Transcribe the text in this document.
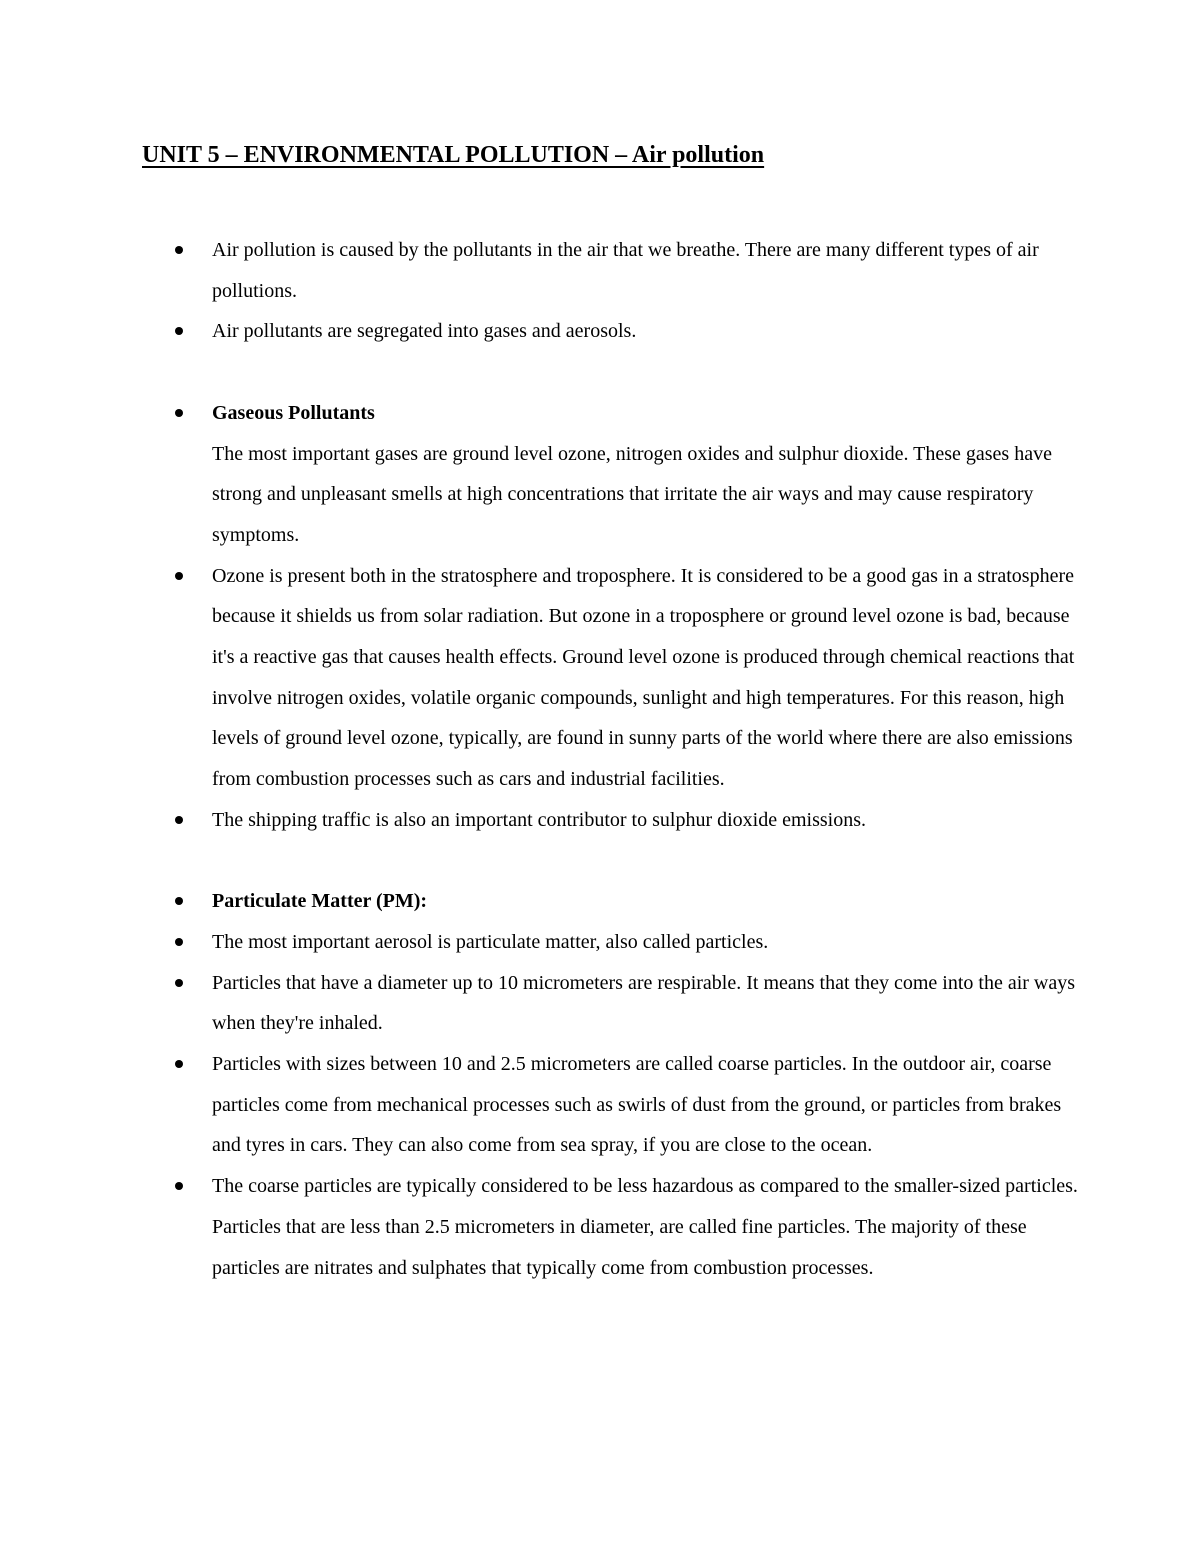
UNIT 5 – ENVIRONMENTAL POLLUTION – Air pollution
Air pollution is caused by the pollutants in the air that we breathe. There are many different types of air pollutions.
Air pollutants are segregated into gases and aerosols.
Gaseous Pollutants
The most important gases are ground level ozone, nitrogen oxides and sulphur dioxide. These gases have strong and unpleasant smells at high concentrations that irritate the air ways and may cause respiratory symptoms.
Ozone is present both in the stratosphere and troposphere. It is considered to be a good gas in a stratosphere because it shields us from solar radiation. But ozone in a troposphere or ground level ozone is bad, because it's a reactive gas that causes health effects. Ground level ozone is produced through chemical reactions that involve nitrogen oxides, volatile organic compounds, sunlight and high temperatures. For this reason, high levels of ground level ozone, typically, are found in sunny parts of the world where there are also emissions from combustion processes such as cars and industrial facilities.
The shipping traffic is also an important contributor to sulphur dioxide emissions.
Particulate Matter (PM):
The most important aerosol is particulate matter, also called particles.
Particles that have a diameter up to 10 micrometers are respirable. It means that they come into the air ways when they're inhaled.
Particles with sizes between 10 and 2.5 micrometers are called coarse particles. In the outdoor air, coarse particles come from mechanical processes such as swirls of dust from the ground, or particles from brakes and tyres in cars. They can also come from sea spray, if you are close to the ocean.
The coarse particles are typically considered to be less hazardous as compared to the smaller-sized particles. Particles that are less than 2.5 micrometers in diameter, are called fine particles. The majority of these particles are nitrates and sulphates that typically come from combustion processes.
